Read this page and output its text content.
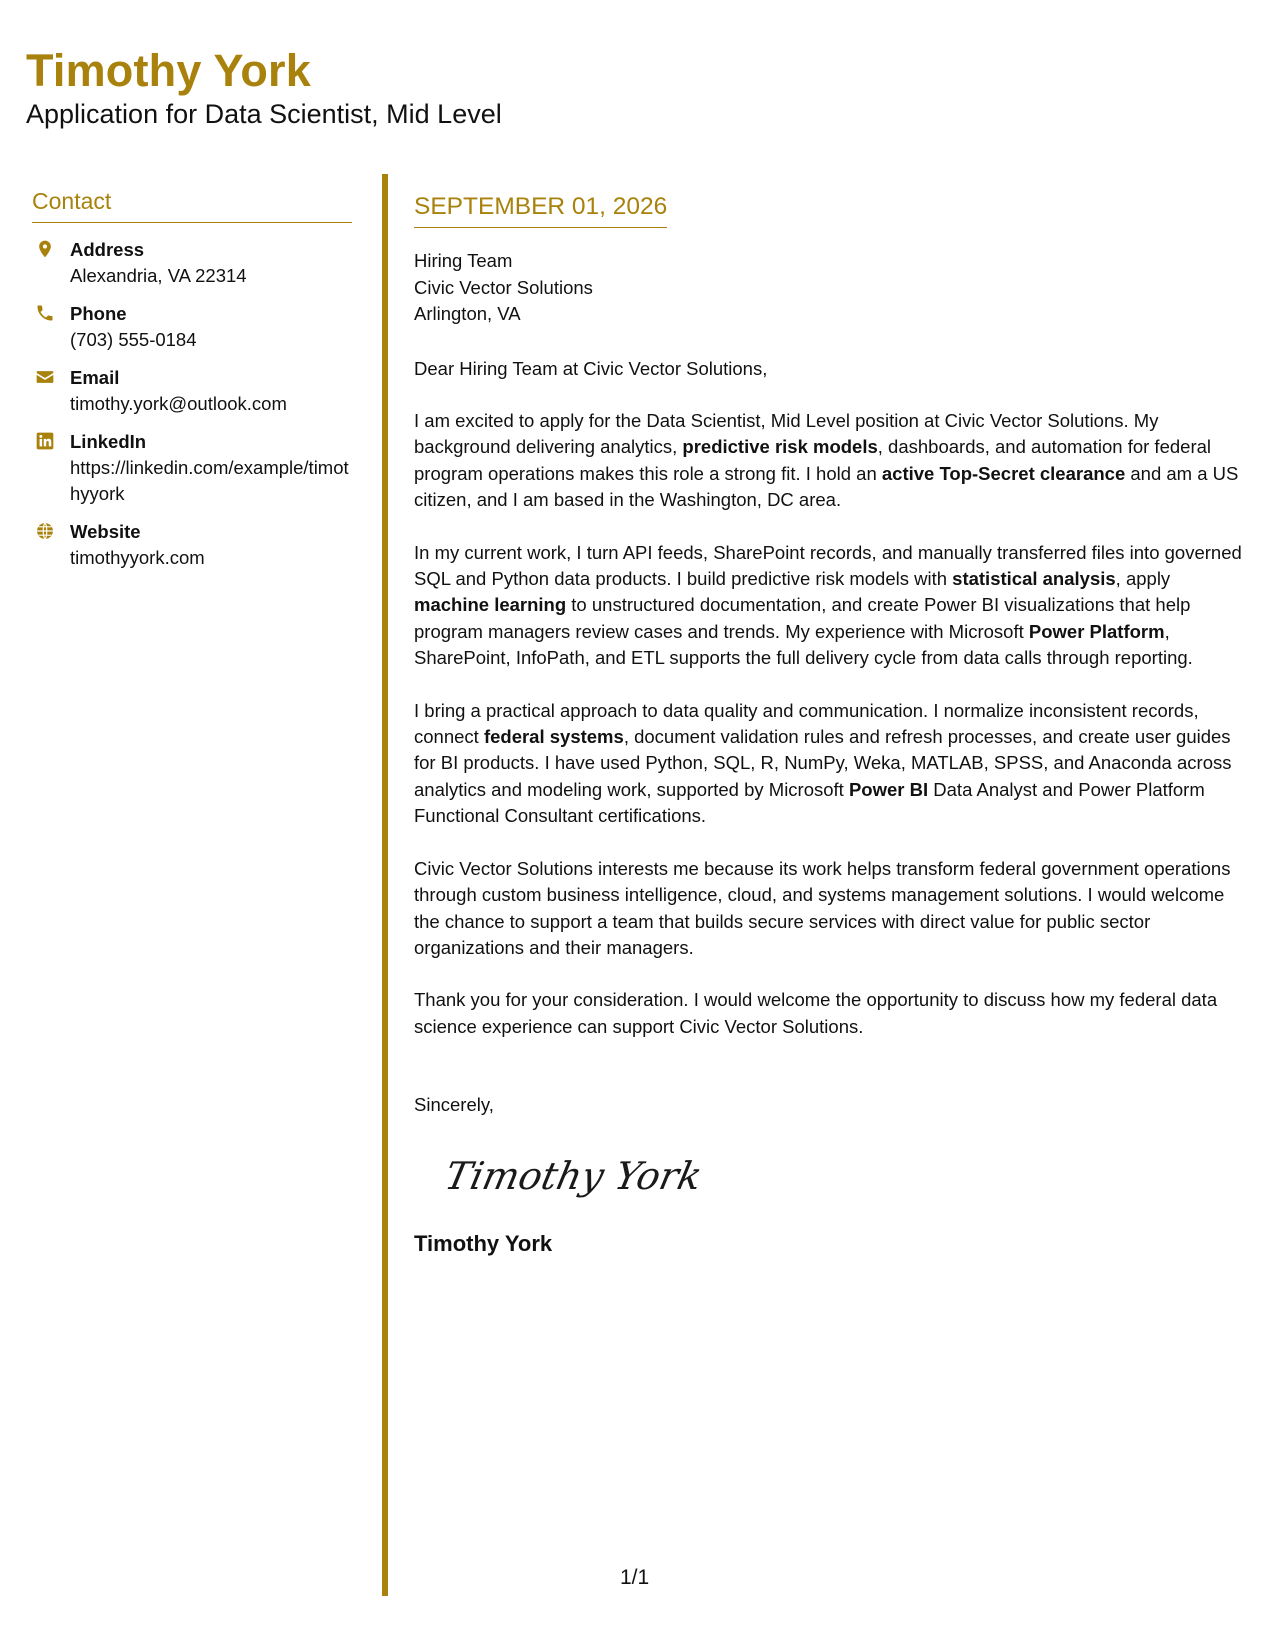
Timothy York
Application for Data Scientist, Mid Level
Contact
Address
Alexandria, VA 22314
Phone
(703) 555-0184
Email
timothy.york@outlook.com
LinkedIn
https://linkedin.com/example/timothyyork
Website
timothyyork.com
SEPTEMBER 01, 2026
Hiring Team
Civic Vector Solutions
Arlington, VA
Dear Hiring Team at Civic Vector Solutions,

I am excited to apply for the Data Scientist, Mid Level position at Civic Vector Solutions. My background delivering analytics, predictive risk models, dashboards, and automation for federal program operations makes this role a strong fit. I hold an active Top-Secret clearance and am a US citizen, and I am based in the Washington, DC area.

In my current work, I turn API feeds, SharePoint records, and manually transferred files into governed SQL and Python data products. I build predictive risk models with statistical analysis, apply machine learning to unstructured documentation, and create Power BI visualizations that help program managers review cases and trends. My experience with Microsoft Power Platform, SharePoint, InfoPath, and ETL supports the full delivery cycle from data calls through reporting.

I bring a practical approach to data quality and communication. I normalize inconsistent records, connect federal systems, document validation rules and refresh processes, and create user guides for BI products. I have used Python, SQL, R, NumPy, Weka, MATLAB, SPSS, and Anaconda across analytics and modeling work, supported by Microsoft Power BI Data Analyst and Power Platform Functional Consultant certifications.

Civic Vector Solutions interests me because its work helps transform federal government operations through custom business intelligence, cloud, and systems management solutions. I would welcome the chance to support a team that builds secure services with direct value for public sector organizations and their managers.

Thank you for your consideration. I would welcome the opportunity to discuss how my federal data science experience can support Civic Vector Solutions.

Sincerely,
Timothy York
Timothy York
1/1
